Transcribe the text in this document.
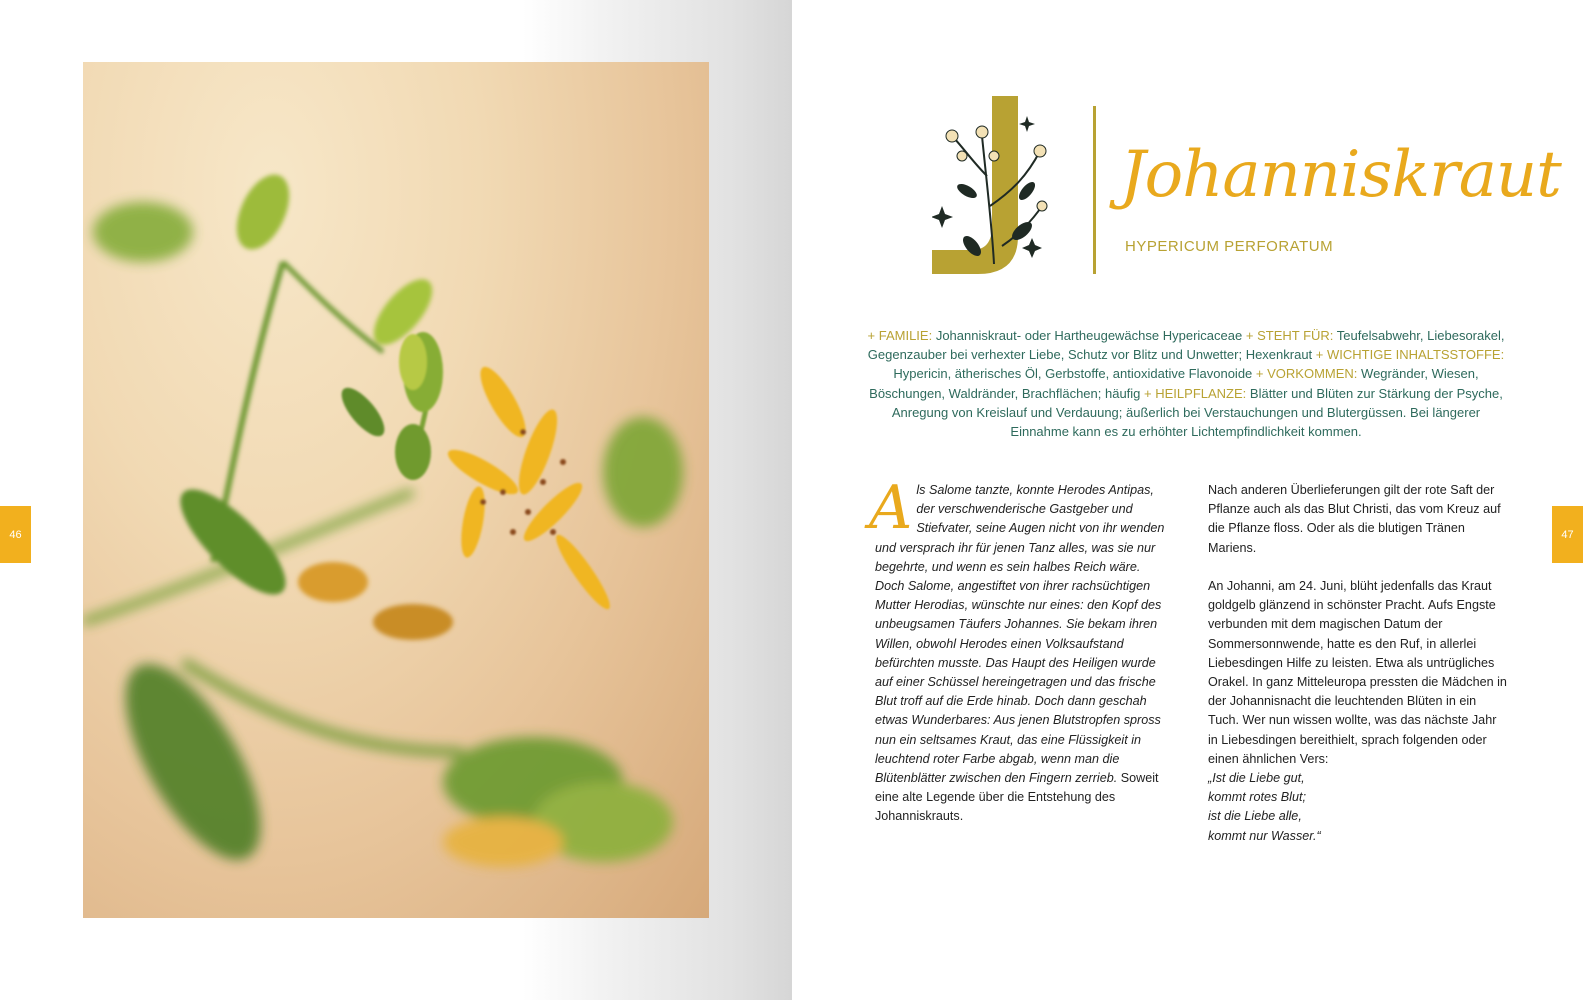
46
Johanniskraut
HYPERICUM PERFORATUM
+ FAMILIE: Johanniskraut- oder Hartheugewächse Hypericaceae + STEHT FÜR: Teufelsabwehr, Liebesorakel, Gegenzauber bei verhexter Liebe, Schutz vor Blitz und Unwetter; Hexenkraut + WICHTIGE INHALTSSTOFFE: Hypericin, ätherisches Öl, Gerbstoffe, antioxidative Flavonoide + VORKOMMEN: Wegränder, Wiesen, Böschungen, Waldränder, Brachflächen; häufig + HEILPFLANZE: Blätter und Blüten zur Stärkung der Psyche, Anregung von Kreislauf und Verdauung; äußerlich bei Verstauchungen und Blutergüssen. Bei längerer Einnahme kann es zu erhöhter Lichtempfindlichkeit kommen.
A ls Salome tanzte, konnte Herodes Antipas, der verschwenderische Gastgeber und Stiefvater, seine Augen nicht von ihr wenden und versprach ihr für jenen Tanz alles, was sie nur begehrte, und wenn es sein halbes Reich wäre. Doch Salome, angestiftet von ihrer rachsüchtigen Mutter Herodias, wünschte nur eines: den Kopf des unbeugsamen Täufers Johannes. Sie bekam ihren Willen, obwohl Herodes einen Volksaufstand befürchten musste. Das Haupt des Heiligen wurde auf einer Schüssel hereingetragen und das frische Blut troff auf die Erde hinab. Doch dann geschah etwas Wunderbares: Aus jenen Blutstropfen spross nun ein seltsames Kraut, das eine Flüssigkeit in leuchtend roter Farbe abgab, wenn man die Blütenblätter zwischen den Fingern zerrieb. Soweit eine alte Legende über die Entstehung des Johanniskrauts.

Nach anderen Überlieferungen gilt der rote Saft der Pflanze auch als das Blut Christi, das vom Kreuz auf die Pflanze floss. Oder als die blutigen Tränen Mariens.

An Johanni, am 24. Juni, blüht jedenfalls das Kraut goldgelb glänzend in schönster Pracht. Aufs Engste verbunden mit dem magischen Datum der Sommersonnwende, hatte es den Ruf, in allerlei Liebesdingen Hilfe zu leisten. Etwa als untrügliches Orakel. In ganz Mitteleuropa pressten die Mädchen in der Johannisnacht die leuchtenden Blüten in ein Tuch. Wer nun wissen wollte, was das nächste Jahr in Liebesdingen bereithielt, sprach folgenden oder einen ähnlichen Vers:

„Ist die Liebe gut,
kommt rotes Blut;
ist die Liebe alle,
kommt nur Wasser.“
47
